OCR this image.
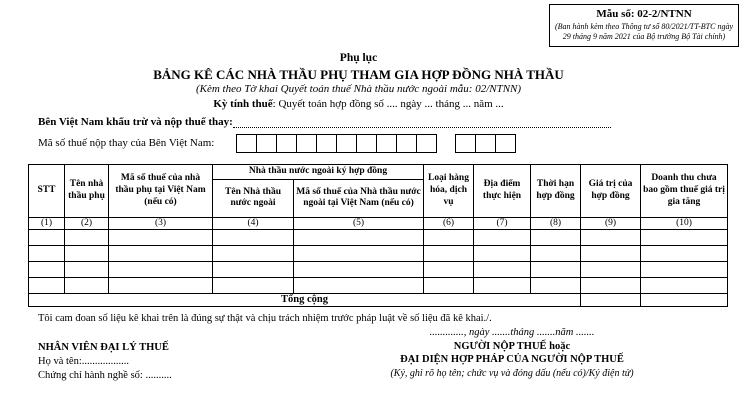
Mẫu số: 02-2/NTNN
(Ban hành kèm theo Thông tư số 80/2021/TT-BTC ngày 29 tháng 9 năm 2021 của Bộ trưởng Bộ Tài chính)
Phụ lục
BẢNG KÊ CÁC NHÀ THẦU PHỤ THAM GIA HỢP ĐỒNG NHÀ THẦU
(Kèm theo Tờ khai Quyết toán thuế Nhà thầu nước ngoài mẫu: 02/NTNN)
Kỳ tính thuế: Quyết toán hợp đồng số .... ngày ... tháng ... năm ...
Bên Việt Nam khấu trừ và nộp thuế thay:
Mã số thuế nộp thay của Bên Việt Nam:
STT	Tên nhà thầu phụ	Mã số thuế của nhà thầu phụ tại Việt Nam (nếu có)	Nhà thầu nước ngoài ký hợp đồng		Loại hàng hóa, dịch vụ	Địa điểm thực hiện	Thời hạn hợp đồng	Giá trị của hợp đồng	Doanh thu chưa bao gồm thuế giá trị gia tăng
			Tên Nhà thầu nước ngoài	Mã số thuế của Nhà thầu nước ngoài tại Việt Nam (nếu có)					
(1)	(2)	(3)	(4)	(5)	(6)	(7)	(8)	(9)	(10)

Tổng cộng									
Tôi cam đoan số liệu kê khai trên là đúng sự thật và chịu trách nhiệm trước pháp luật về số liệu đã kê khai./.
NHÂN VIÊN ĐẠI LÝ THUẾ
Họ và tên:..................
Chứng chỉ hành nghề số: ..........
............., ngày .......tháng .......năm .......
NGƯỜI NỘP THUẾ hoặc
ĐẠI DIỆN HỢP PHÁP CỦA NGƯỜI NỘP THUẾ
(Ký, ghi rõ họ tên; chức vụ và đóng dấu (nếu có)/Ký điện tử)
